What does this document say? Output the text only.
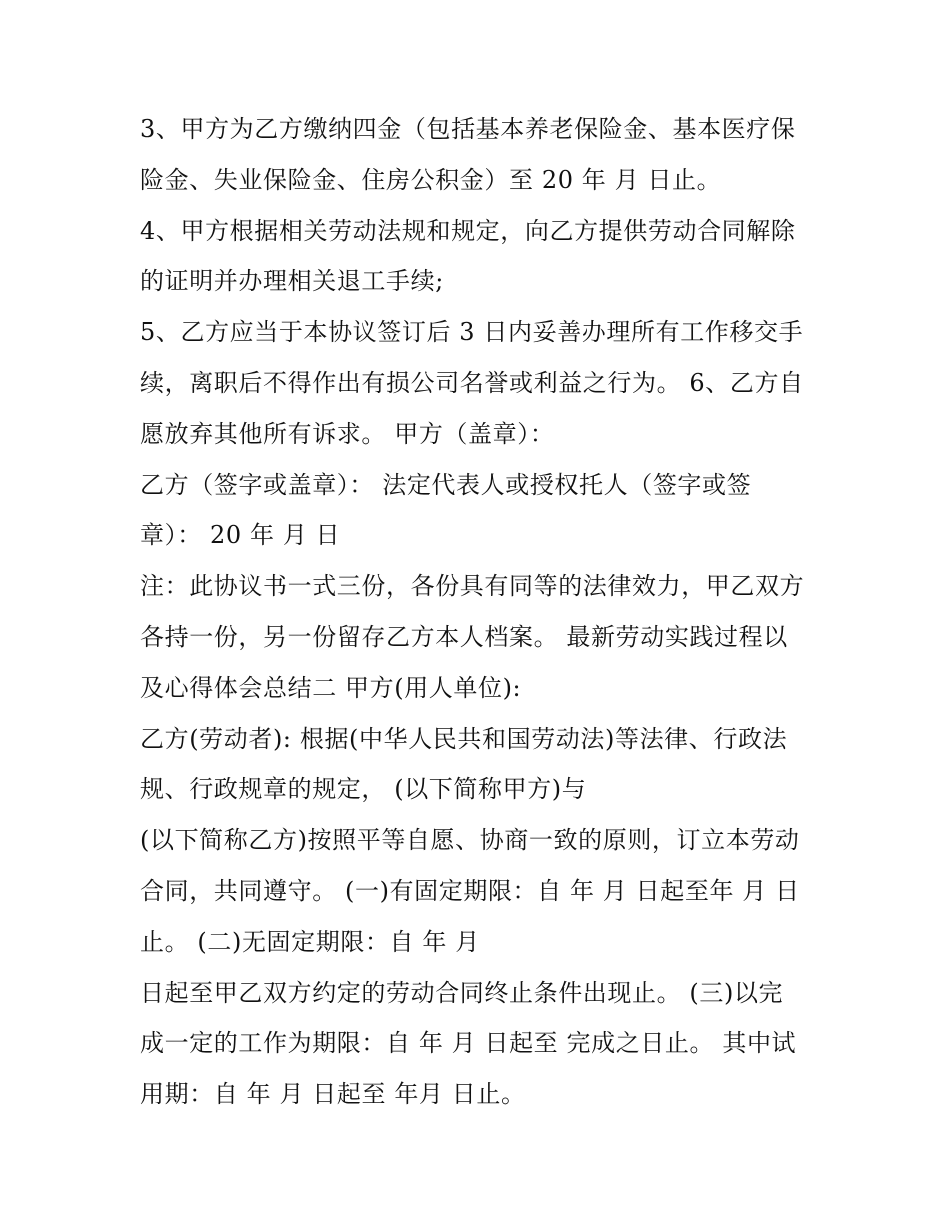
3、甲方为乙方缴纳四金（包括基本养老保险金、基本医疗保
险金、失业保险金、住房公积金）至 20 年 月 日止。
4、甲方根据相关劳动法规和规定，向乙方提供劳动合同解除
的证明并办理相关退工手续;
5、乙方应当于本协议签订后 3 日内妥善办理所有工作移交手
续，离职后不得作出有损公司名誉或利益之行为。 6、乙方自
愿放弃其他所有诉求。 甲方（盖章）：
乙方（签字或盖章）： 法定代表人或授权托人（签字或签
章）： 20 年 月 日
注：此协议书一式三份，各份具有同等的法律效力，甲乙双方
各持一份，另一份留存乙方本人档案。 最新劳动实践过程以
及心得体会总结二 甲方(用人单位):
乙方(劳动者): 根据(中华人民共和国劳动法)等法律、行政法
规、行政规章的规定， (以下简称甲方)与
(以下简称乙方)按照平等自愿、协商一致的原则，订立本劳动
合同，共同遵守。 (一)有固定期限：自 年 月 日起至年 月 日
止。 (二)无固定期限：自 年 月
日起至甲乙双方约定的劳动合同终止条件出现止。 (三)以完
成一定的工作为期限：自 年 月 日起至 完成之日止。 其中试
用期：自 年 月 日起至 年月 日止。
